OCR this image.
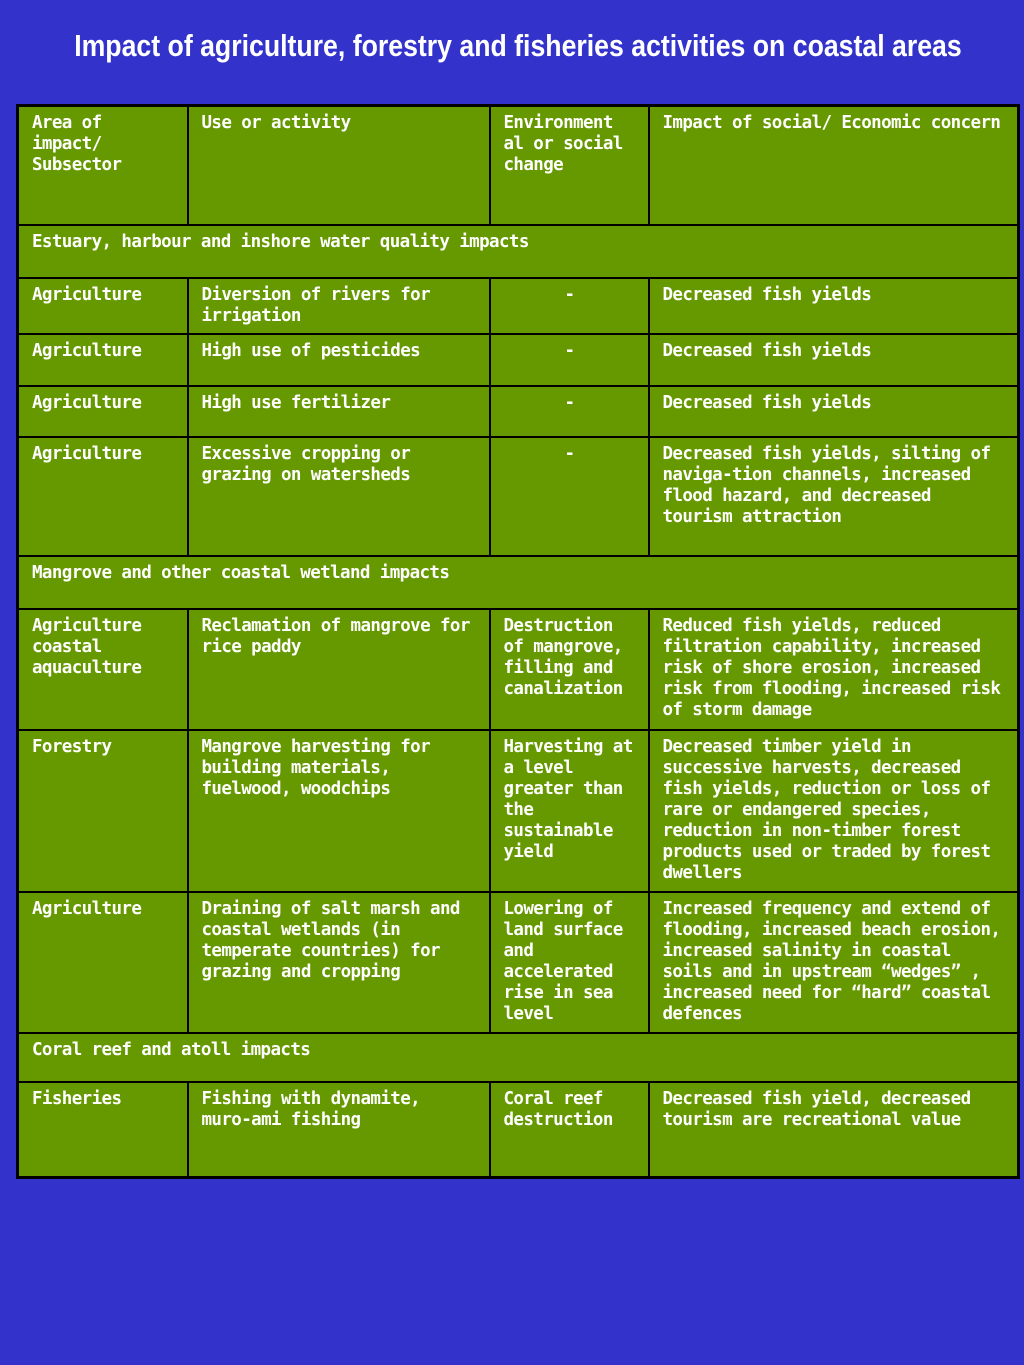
Impact of agriculture, forestry and fisheries activities on coastal areas
Area of impact/ Subsector	Use or activity	Environment al or social change	Impact of social/ Economic concern
Estuary, harbour and inshore water quality impacts			
Agriculture	Diversion of rivers for irrigation	-	Decreased fish yields
Agriculture	High use of pesticides	-	Decreased fish yields
Agriculture	High use fertilizer	-	Decreased fish yields
Agriculture	Excessive cropping or grazing on watersheds	-	Decreased fish yields, silting of naviga-tion channels, increased flood hazard, and decreased tourism attraction
Mangrove and other coastal wetland impacts			
Agriculture coastal aquaculture	Reclamation of mangrove for rice paddy	Destruction of mangrove, filling and canalization	Reduced fish yields, reduced filtration capability, increased risk of shore erosion, increased risk from flooding, increased risk of storm damage
Forestry	Mangrove harvesting for building materials, fuelwood, woodchips	Harvesting at a level greater than the sustainable yield	Decreased timber yield in successive harvests, decreased fish yields, reduction or loss of rare or endangered species, reduction in non-timber forest products used or traded by forest dwellers
Agriculture	Draining of salt marsh and coastal wetlands (in temperate countries) for grazing and cropping	Lowering of land surface and accelerated rise in sea level	Increased frequency and extend of flooding, increased beach erosion, increased salinity in coastal soils and in upstream “wedges” , increased need for “hard” coastal defences
Coral reef and atoll impacts			
Fisheries	Fishing with dynamite, muro-ami fishing	Coral reef destruction	Decreased fish yield, decreased tourism are recreational value
